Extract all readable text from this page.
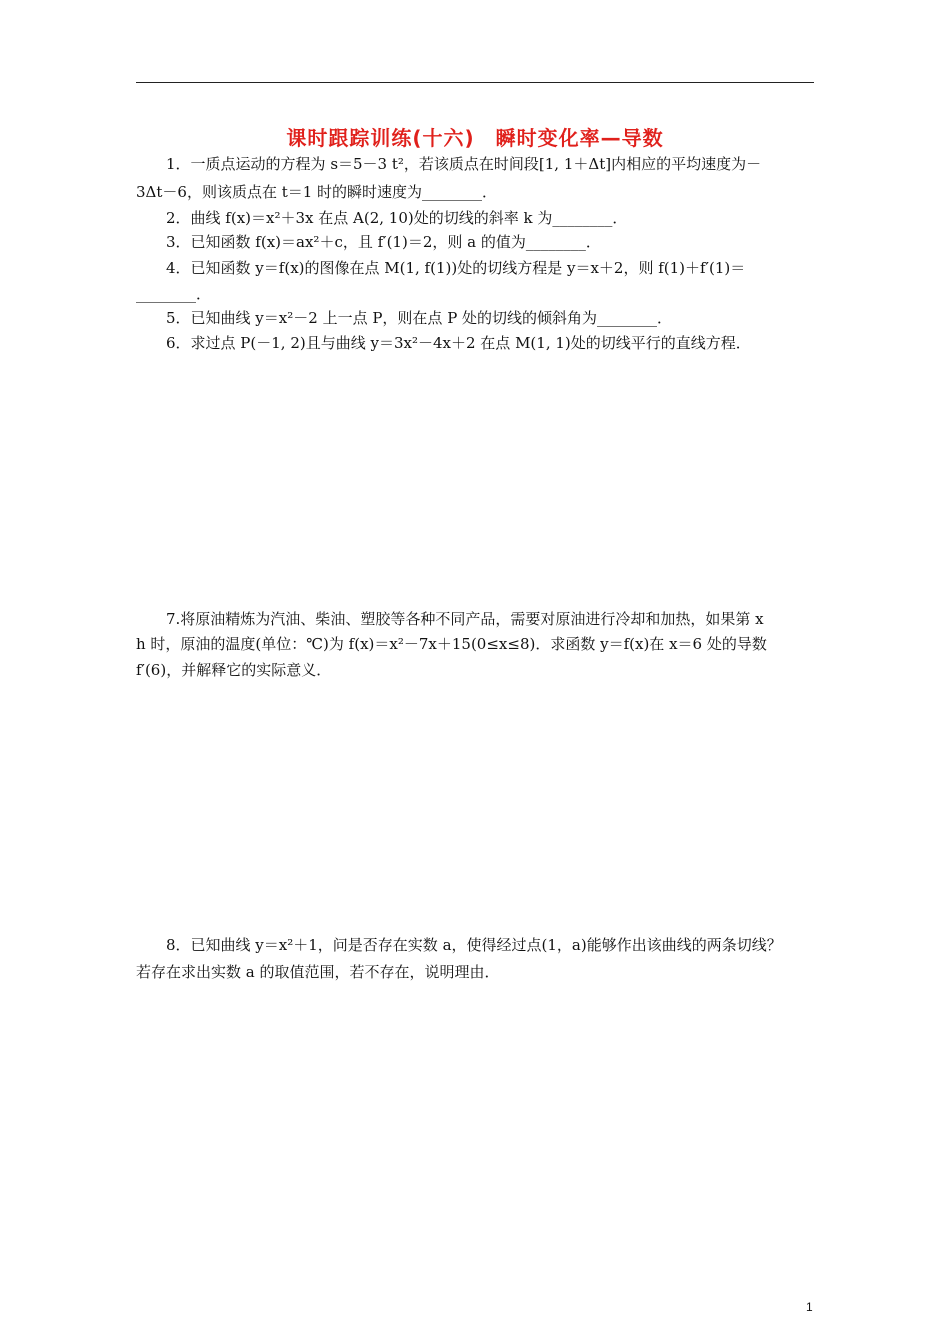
课时跟踪训练(十六)　瞬时变化率—导数
1．一质点运动的方程为 s＝5－3 t²，若该质点在时间段[1, 1＋Δt]内相应的平均速度为－
3Δt－6，则该质点在 t＝1 时的瞬时速度为________．
2．曲线 f(x)＝x²＋3x 在点 A(2, 10)处的切线的斜率 k 为________．
3．已知函数 f(x)＝ax²＋c，且 f′(1)＝2，则 a 的值为________．
4．已知函数 y＝f(x)的图像在点 M(1, f(1))处的切线方程是 y＝x＋2，则 f(1)＋f′(1)＝
________．
5．已知曲线 y＝x²－2 上一点 P，则在点 P 处的切线的倾斜角为________．
6．求过点 P(－1, 2)且与曲线 y＝3x²－4x＋2 在点 M(1, 1)处的切线平行的直线方程．
7.将原油精炼为汽油、柴油、塑胶等各种不同产品，需要对原油进行冷却和加热，如果第 x
h 时，原油的温度(单位：℃)为 f(x)＝x²－7x＋15(0≤x≤8)．求函数 y＝f(x)在 x＝6 处的导数
f′(6)，并解释它的实际意义．
8．已知曲线 y＝x²＋1，问是否存在实数 a，使得经过点(1，a)能够作出该曲线的两条切线？
若存在求出实数 a 的取值范围，若不存在，说明理由．
1
